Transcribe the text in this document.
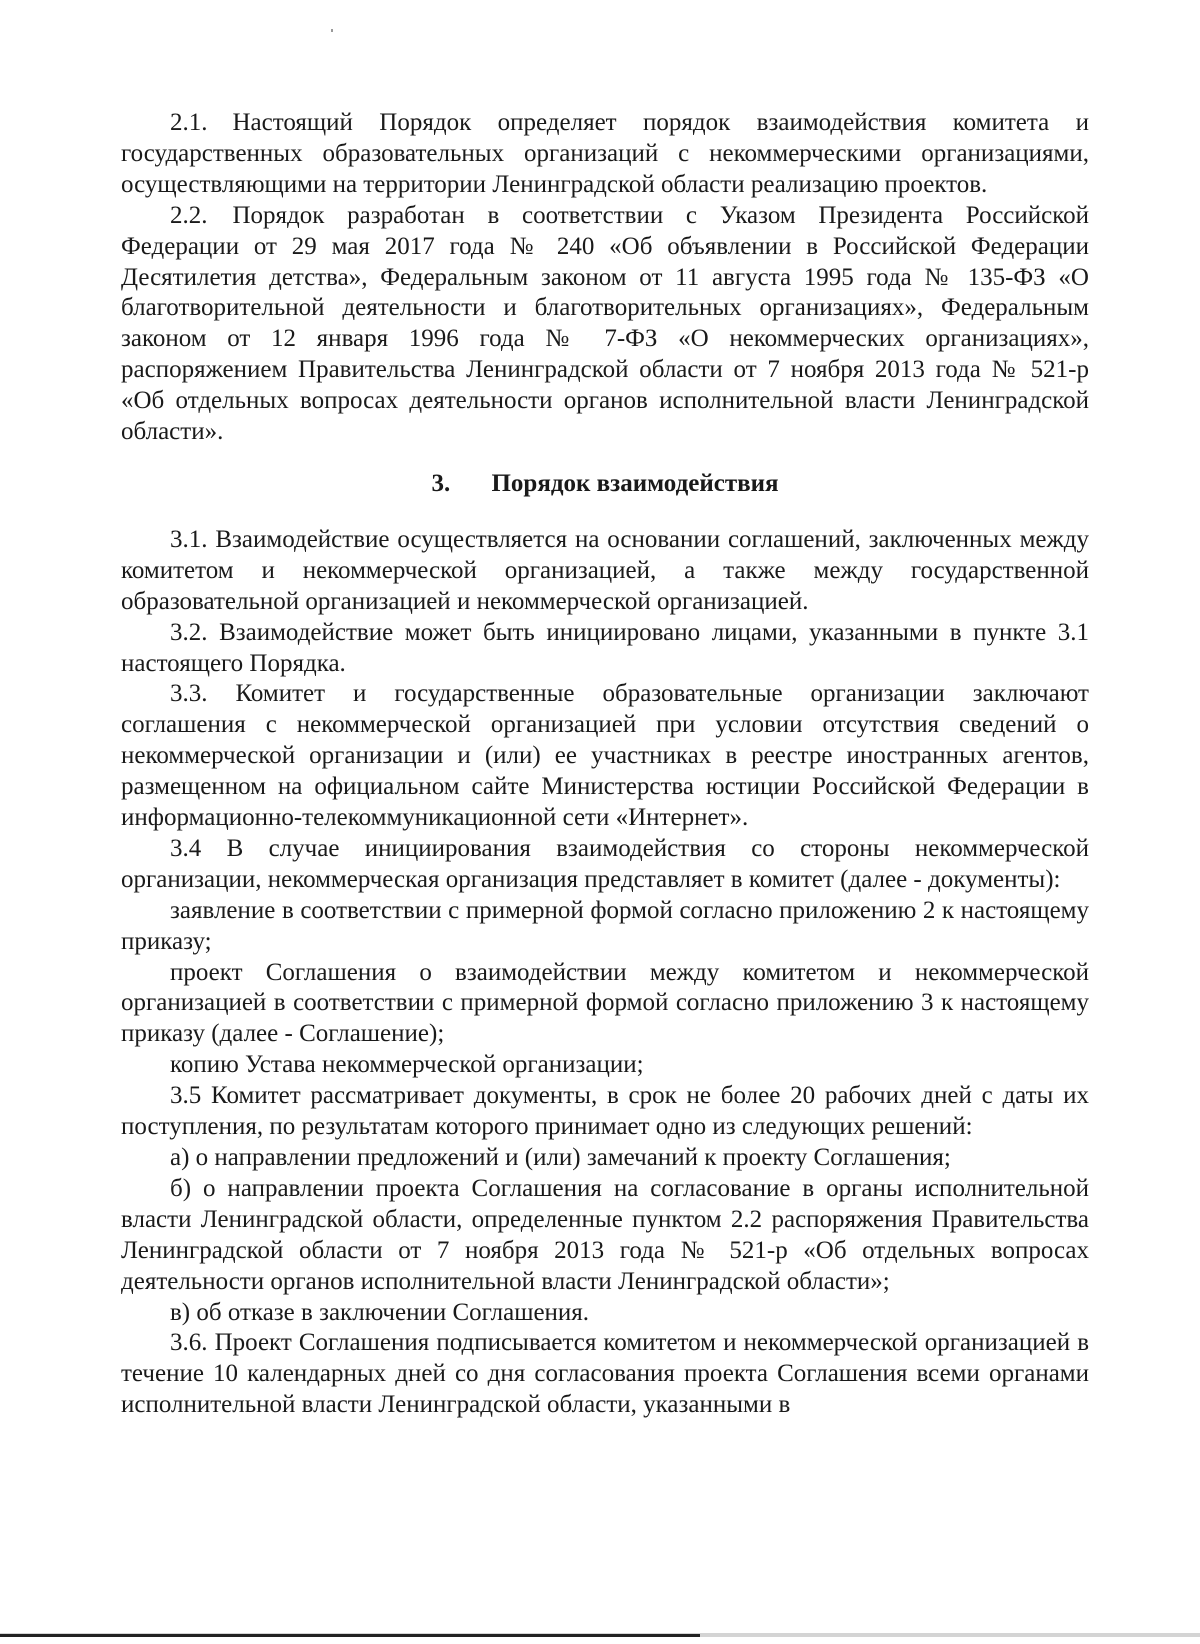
2.1. Настоящий Порядок определяет порядок взаимодействия комитета и государственных образовательных организаций с некоммерческими организациями, осуществляющими на территории Ленинградской области реализацию проектов.

2.2. Порядок разработан в соответствии с Указом Президента Российской Федерации от 29 мая 2017 года № 240 «Об объявлении в Российской Федерации Десятилетия детства», Федеральным законом от 11 августа 1995 года № 135-ФЗ «О благотворительной деятельности и благотворительных организациях», Федеральным законом от 12 января 1996 года № 7-ФЗ «О некоммерческих организациях», распоряжением Правительства Ленинградской области от 7 ноября 2013 года № 521-р «Об отдельных вопросах деятельности органов исполнительной власти Ленинградской области».

3. Порядок взаимодействия

3.1. Взаимодействие осуществляется на основании соглашений, заключенных между комитетом и некоммерческой организацией, а также между государственной образовательной организацией и некоммерческой организацией.

3.2. Взаимодействие может быть инициировано лицами, указанными в пункте 3.1 настоящего Порядка.

3.3. Комитет и государственные образовательные организации заключают соглашения с некоммерческой организацией при условии отсутствия сведений о некоммерческой организации и (или) ее участниках в реестре иностранных агентов, размещенном на официальном сайте Министерства юстиции Российской Федерации в информационно-телекоммуникационной сети «Интернет».

3.4 В случае инициирования взаимодействия со стороны некоммерческой организации, некоммерческая организация представляет в комитет (далее - документы):

заявление в соответствии с примерной формой согласно приложению 2 к настоящему приказу;

проект Соглашения о взаимодействии между комитетом и некоммерческой организацией в соответствии с примерной формой согласно приложению 3 к настоящему приказу (далее - Соглашение);

копию Устава некоммерческой организации;

3.5 Комитет рассматривает документы, в срок не более 20 рабочих дней с даты их поступления, по результатам которого принимает одно из следующих решений:

а) о направлении предложений и (или) замечаний к проекту Соглашения;

б) о направлении проекта Соглашения на согласование в органы исполнительной власти Ленинградской области, определенные пунктом 2.2 распоряжения Правительства Ленинградской области от 7 ноября 2013 года № 521-р «Об отдельных вопросах деятельности органов исполнительной власти Ленинградской области»;

в) об отказе в заключении Соглашения.

3.6. Проект Соглашения подписывается комитетом и некоммерческой организацией в течение 10 календарных дней со дня согласования проекта Соглашения всеми органами исполнительной власти Ленинградской области, указанными в
